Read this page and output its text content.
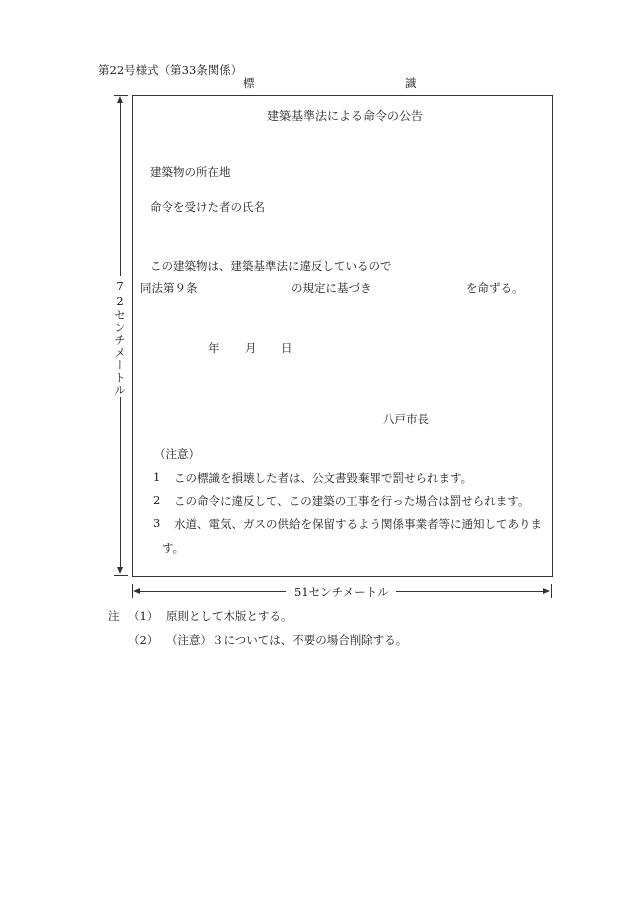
第22号様式（第33条関係）
標	識
72センチメートル
建築基準法による命令の公告
建築物の所在地
命令を受けた者の氏名
この建築物は、建築基準法に違反しているので
同法第９条	の規定に基づき	を命ずる。
年 月 日
八戸市長
（注意）
1 この標識を損壊した者は、公文書毀棄罪で罰せられます。
2 この命令に違反して、この建築の工事を行った場合は罰せられます。
3 水道、電気、ガスの供給を保留するよう関係事業者等に通知してありま
す。
51センチメートル
注 （1） 原則として木版とする。
（2） （注意）３については、不要の場合削除する。
